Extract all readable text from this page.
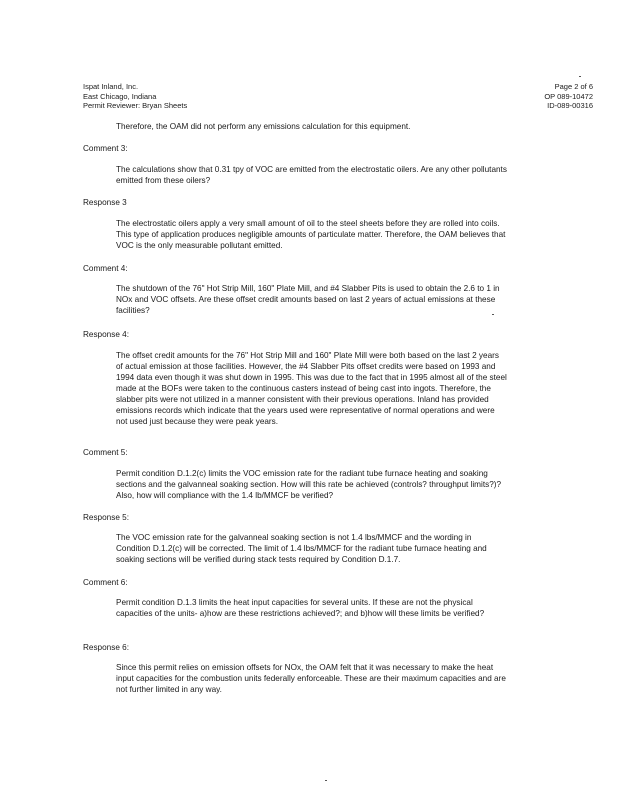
Ispat Inland, Inc.
East Chicago, Indiana
Permit Reviewer: Bryan Sheets
Page 2 of 6
OP 089-10472
ID-089-00316
Therefore, the OAM did not perform any emissions calculation for this equipment.
Comment 3:
The calculations show that 0.31 tpy of VOC are emitted from the electrostatic oilers. Are any other pollutants emitted from these oilers?
Response 3
The electrostatic oilers apply a very small amount of oil to the steel sheets before they are rolled into coils. This type of application produces negligible amounts of particulate matter. Therefore, the OAM believes that VOC is the only measurable pollutant emitted.
Comment 4:
The shutdown of the 76" Hot Strip Mill, 160" Plate Mill, and #4 Slabber Pits is used to obtain the 2.6 to 1 in NOx and VOC offsets. Are these offset credit amounts based on last 2 years of actual emissions at these facilities?
Response 4:
The offset credit amounts for the 76" Hot Strip Mill and 160" Plate Mill were both based on the last 2 years of actual emission at those facilities. However, the #4 Slabber Pits offset credits were based on 1993 and 1994 data even though it was shut down in 1995. This was due to the fact that in 1995 almost all of the steel made at the BOFs were taken to the continuous casters instead of being cast into ingots. Therefore, the slabber pits were not utilized in a manner consistent with their previous operations. Inland has provided emissions records which indicate that the years used were representative of normal operations and were not used just because they were peak years.
Comment 5:
Permit condition D.1.2(c) limits the VOC emission rate for the radiant tube furnace heating and soaking sections and the galvanneal soaking section. How will this rate be achieved (controls? throughput limits?)? Also, how will compliance with the 1.4 lb/MMCF be verified?
Response 5:
The VOC emission rate for the galvanneal soaking section is not 1.4 lbs/MMCF and the wording in Condition D.1.2(c) will be corrected. The limit of 1.4 lbs/MMCF for the radiant tube furnace heating and soaking sections will be verified during stack tests required by Condition D.1.7.
Comment 6:
Permit condition D.1.3 limits the heat input capacities for several units. If these are not the physical capacities of the units- a)how are these restrictions achieved?; and b)how will these limits be verified?
Response 6:
Since this permit relies on emission offsets for NOx, the OAM felt that it was necessary to make the heat input capacities for the combustion units federally enforceable. These are their maximum capacities and are not further limited in any way.
